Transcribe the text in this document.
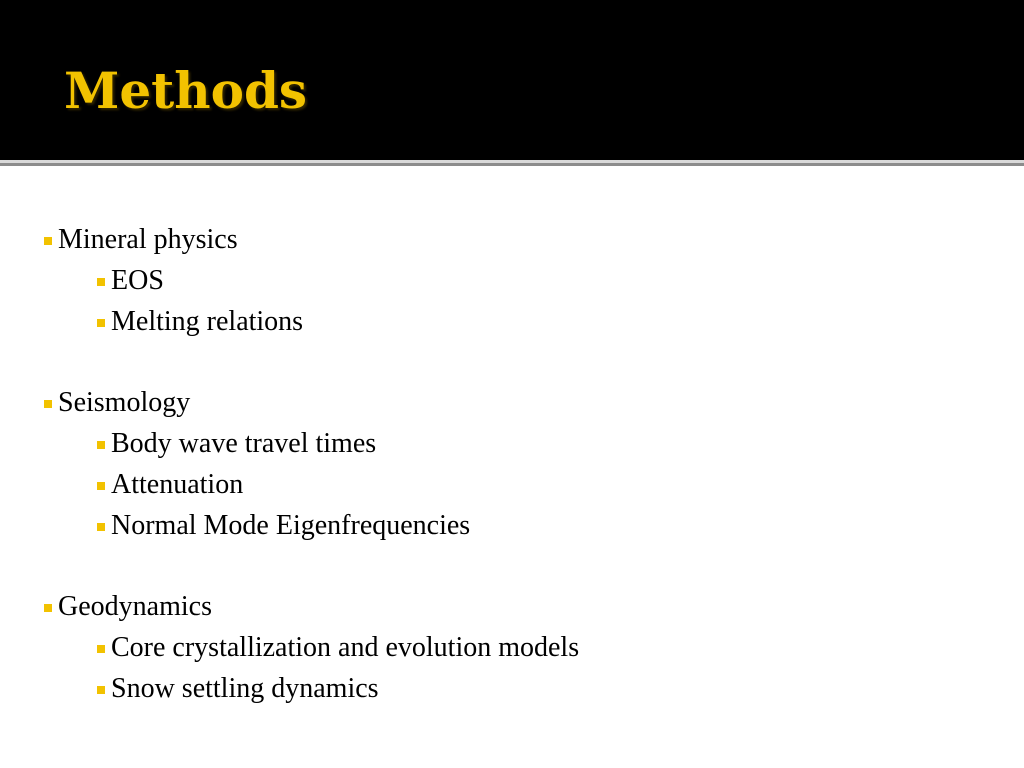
Methods
Mineral physics
EOS
Melting relations
Seismology
Body wave travel times
Attenuation
Normal Mode Eigenfrequencies
Geodynamics
Core crystallization and evolution models
Snow settling dynamics
